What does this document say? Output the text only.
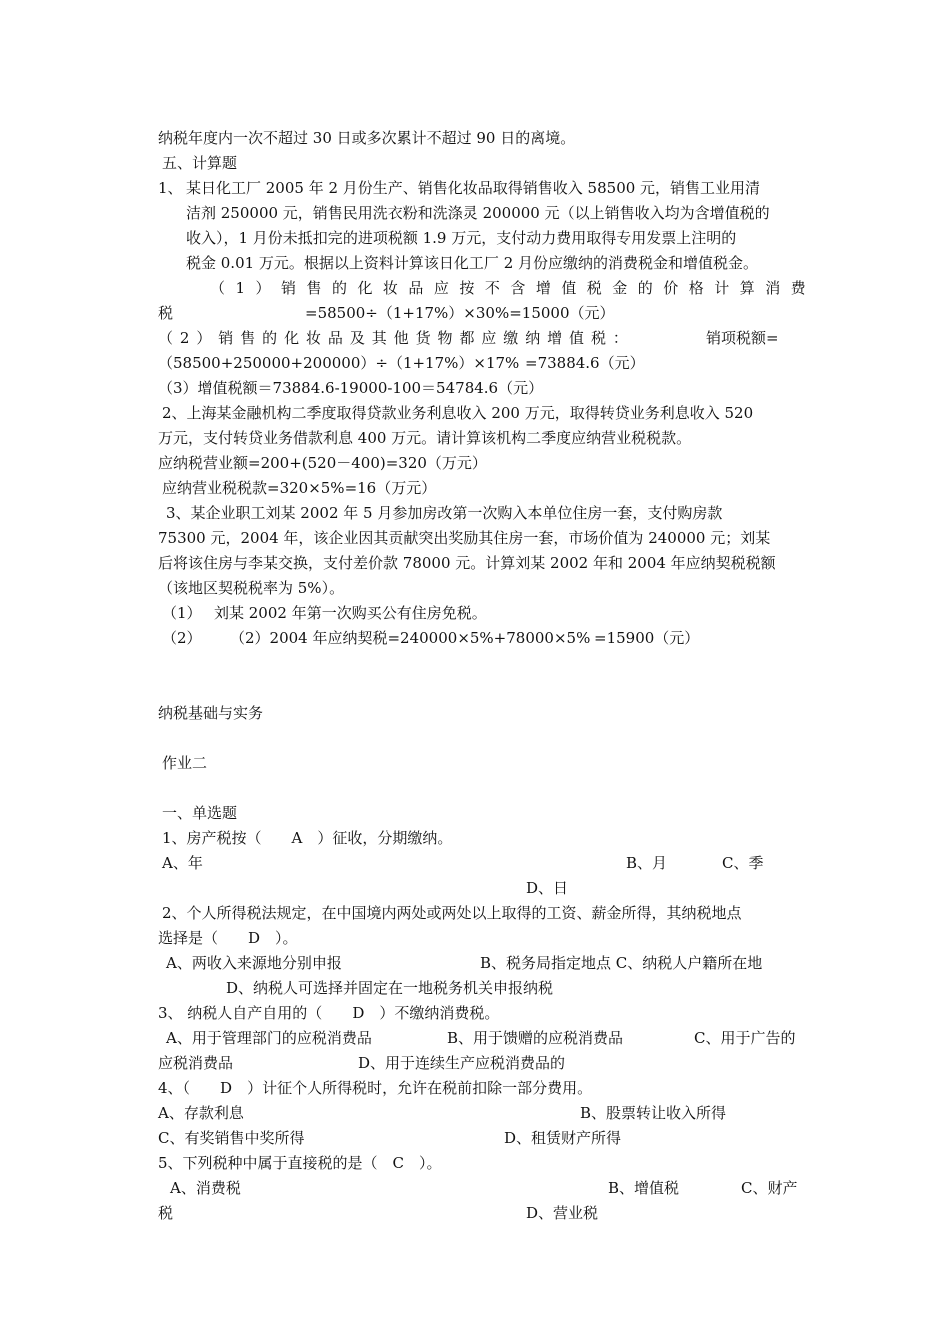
纳税年度内一次不超过 30 日或多次累计不超过 90 日的离境。
五、计算题
1、 某日化工厂 2005 年 2 月份生产、销售化妆品取得销售收入 58500 元，销售工业用清
洁剂 250000 元，销售民用洗衣粉和洗涤灵 200000 元（以上销售收入均为含增值税的
收入），1 月份未抵扣完的进项税额 1.9 万元，支付动力费用取得专用发票上注明的
税金 0.01 万元。根据以上资料计算该日化工厂 2 月份应缴纳的消费税金和增值税金。
（ 1 ） 销 售 的 化 妆 品 应 按 不 含 增 值 税 金 的 价 格 计 算 消 费
税	=58500÷（1+17%）×30%=15000（元）
（ 2 ） 销 售 的 化 妆 品 及 其 他 货 物 都 应 缴 纳 增 值 税 ：	销项税额=
（58500+250000+200000）÷（1+17%）×17% =73884.6（元）
（3）增值税额＝73884.6-19000-100＝54784.6（元）
2、上海某金融机构二季度取得贷款业务利息收入 200 万元，取得转贷业务利息收入 520
万元，支付转贷业务借款利息 400 万元。请计算该机构二季度应纳营业税税款。
应纳税营业额=200+(520－400)=320（万元）
应纳营业税税款=320×5%=16（万元）
3、某企业职工刘某 2002 年 5 月参加房改第一次购入本单位住房一套，支付购房款
75300 元，2004 年，该企业因其贡献突出奖励其住房一套，市场价值为 240000 元；刘某
后将该住房与李某交换，支付差价款 78000 元。计算刘某 2002 年和 2004 年应纳契税税额
（该地区契税税率为 5%）。
（1） 刘某 2002 年第一次购买公有住房免税。
（2） （2）2004 年应纳契税=240000×5%+78000×5% =15900（元）
纳税基础与实务
作业二
一、单选题
1、房产税按（　　A　）征收，分期缴纳。
A、年	B、月	C、季
D、日
2、个人所得税法规定，在中国境内两处或两处以上取得的工资、薪金所得，其纳税地点
选择是（　　D　）。
A、两收入来源地分别申报	B、税务局指定地点 C、纳税人户籍所在地
D、纳税人可选择并固定在一地税务机关申报纳税
3、 纳税人自产自用的（　　D　）不缴纳消费税。
A、用于管理部门的应税消费品	B、用于馈赠的应税消费品	C、用于广告的
应税消费品	D、用于连续生产应税消费品的
4、（　　D　）计征个人所得税时，允许在税前扣除一部分费用。
A、存款利息	B、股票转让收入所得
C、有奖销售中奖所得	D、租赁财产所得
5、下列税种中属于直接税的是（　C　）。
A、消费税	B、增值税	C、财产
税	D、营业税
